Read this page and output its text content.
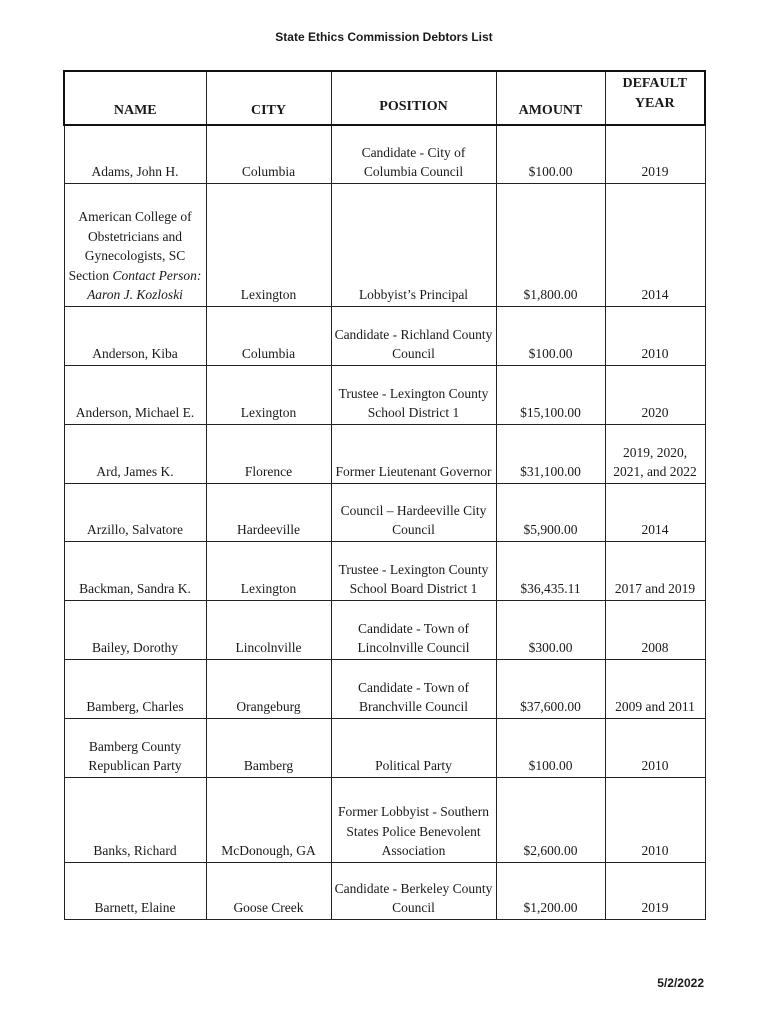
State Ethics Commission Debtors List
NAME	CITY	POSITION	AMOUNT	DEFAULT
YEAR
Adams, John H.	Columbia	Candidate - City of Columbia Council	$100.00	2019
American College of Obstetricians and Gynecologists, SC Section Contact Person: Aaron J. Kozloski	Lexington	Lobbyist’s Principal	$1,800.00	2014
Anderson, Kiba	Columbia	Candidate - Richland County Council	$100.00	2010
Anderson, Michael E.	Lexington	Trustee - Lexington County School District 1	$15,100.00	2020
Ard, James K.	Florence	Former Lieutenant Governor	$31,100.00	2019, 2020, 2021, and 2022
Arzillo, Salvatore	Hardeeville	Council – Hardeeville City Council	$5,900.00	2014
Backman, Sandra K.	Lexington	Trustee - Lexington County School Board District 1	$36,435.11	2017 and 2019
Bailey, Dorothy	Lincolnville	Candidate - Town of Lincolnville Council	$300.00	2008
Bamberg, Charles	Orangeburg	Candidate - Town of Branchville Council	$37,600.00	2009 and 2011
Bamberg County Republican Party	Bamberg	Political Party	$100.00	2010
Banks, Richard	McDonough, GA	Former Lobbyist - Southern States Police Benevolent Association	$2,600.00	2010
Barnett, Elaine	Goose Creek	Candidate - Berkeley County Council	$1,200.00	2019
5/2/2022
